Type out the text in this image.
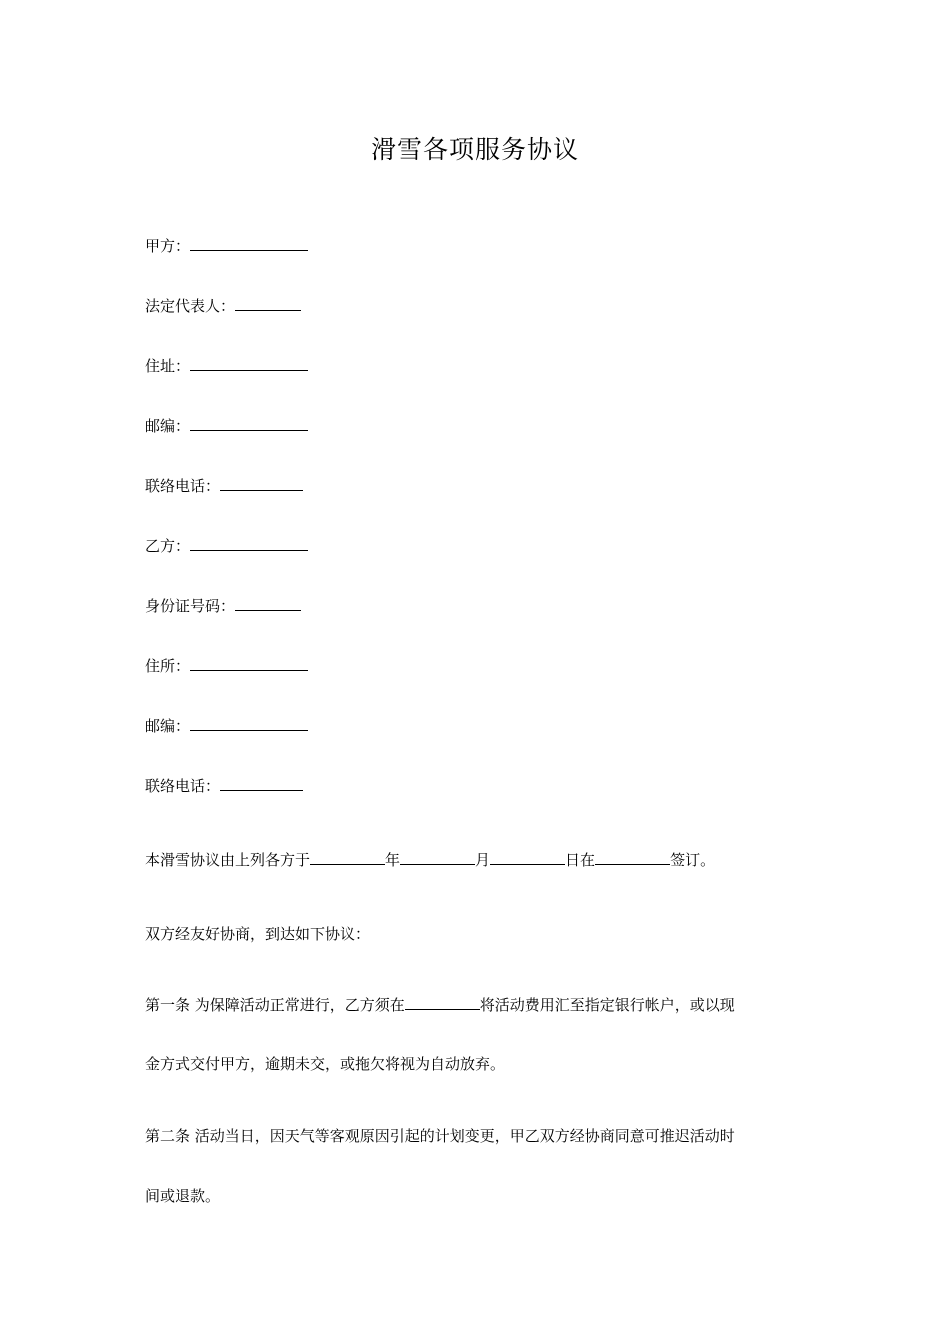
滑雪各项服务协议
甲方：
法定代表人：
住址：
邮编：
联络电话：
乙方：
身份证号码：
住所：
邮编：
联络电话：
本滑雪协议由上列各方于	年	月	日在	签订。
双方经友好协商，到达如下协议：
第一条 为保障活动正常进行，乙方须在	将活动费用汇至指定银行帐户，或以现
金方式交付甲方，逾期未交，或拖欠将视为自动放弃。
第二条 活动当日，因天气等客观原因引起的计划变更，甲乙双方经协商同意可推迟活动时
间或退款。
